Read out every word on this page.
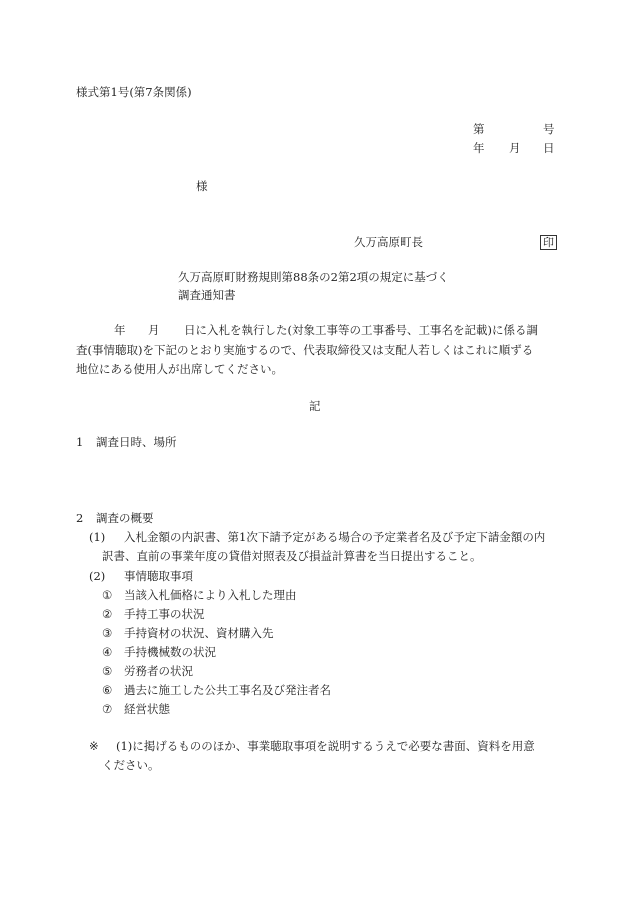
様式第1号(第7条関係)
第	号
年 月 日
様
久万高原町長	印
久万高原町財務規則第88条の2第2項の規定に基づく
調査通知書
年 月 日に入札を執行した(対象工事等の工事番号、工事名を記載)に係る調
査(事情聴取)を下記のとおり実施するので、代表取締役又は支配人若しくはこれに順ずる
地位にある使用人が出席してください。
記
1 調査日時、場所
2 調査の概要
(1) 入札金額の内訳書、第1次下請予定がある場合の予定業者名及び予定下請金額の内
訳書、直前の事業年度の貸借対照表及び損益計算書を当日提出すること。
(2) 事情聴取事項
① 当該入札価格により入札した理由
② 手持工事の状況
③ 手持資材の状況、資材購入先
④ 手持機械数の状況
⑤ 労務者の状況
⑥ 過去に施工した公共工事名及び発注者名
⑦ 経営状態
※ (1)に掲げるもののほか、事業聴取事項を説明するうえで必要な書面、資料を用意
ください。
